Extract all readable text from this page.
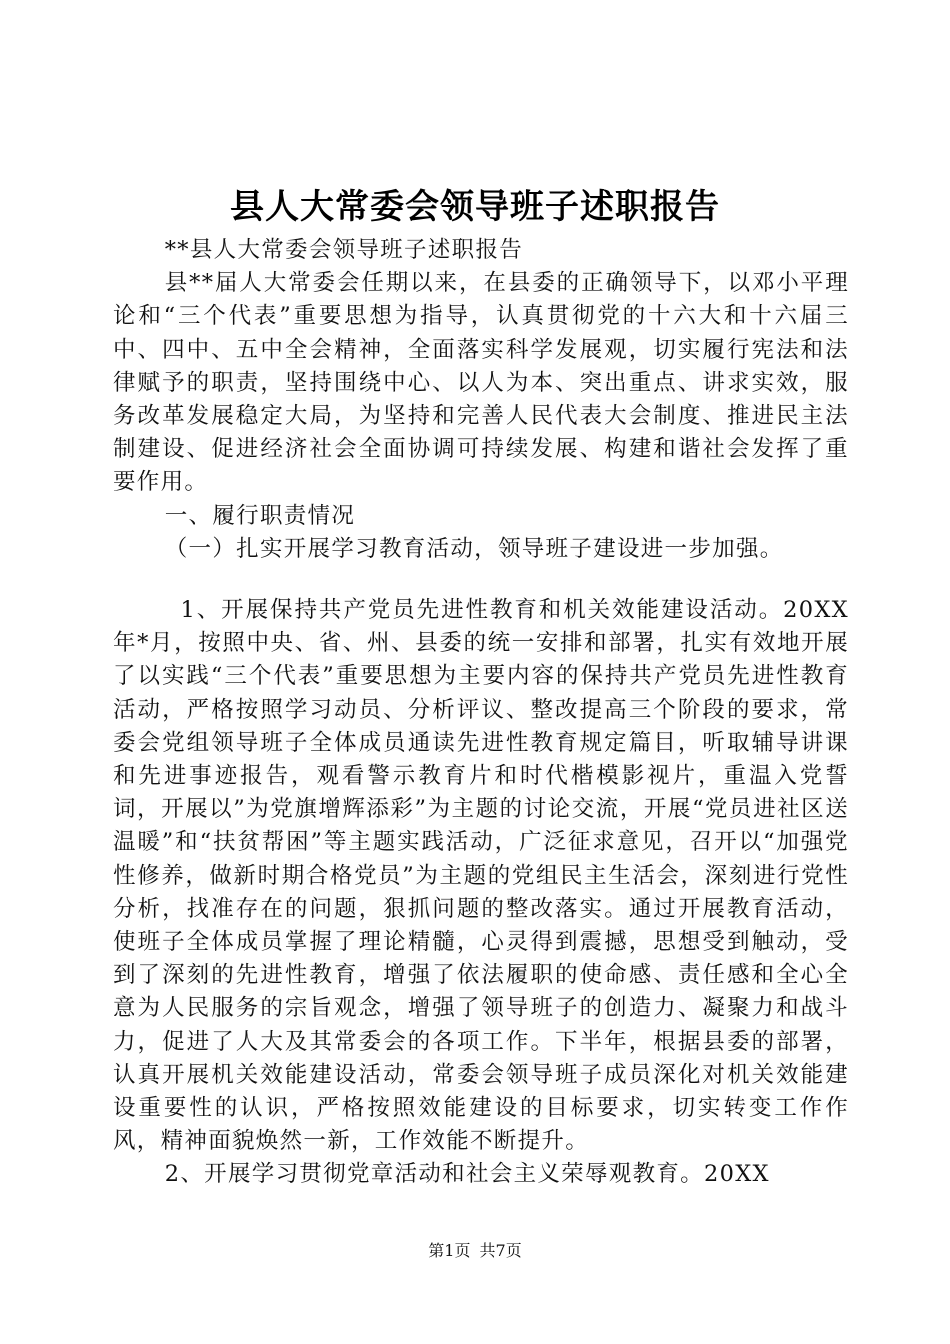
县人大常委会领导班子述职报告

**县人大常委会领导班子述职报告

县**届人大常委会任期以来，在县委的正确领导下，以邓小平理论和“三个代表”重要思想为指导，认真贯彻党的十六大和十六届三中、四中、五中全会精神，全面落实科学发展观，切实履行宪法和法律赋予的职责，坚持围绕中心、以人为本、突出重点、讲求实效，服务改革发展稳定大局，为坚持和完善人民代表大会制度、推进民主法制建设、促进经济社会全面协调可持续发展、构建和谐社会发挥了重要作用。

一、履行职责情况

（一）扎实开展学习教育活动，领导班子建设进一步加强。

1、开展保持共产党员先进性教育和机关效能建设活动。20XX年*月，按照中央、省、州、县委的统一安排和部署，扎实有效地开展了以实践“三个代表”重要思想为主要内容的保持共产党员先进性教育活动，严格按照学习动员、分析评议、整改提高三个阶段的要求，常委会党组领导班子全体成员通读先进性教育规定篇目，听取辅导讲课和先进事迹报告，观看警示教育片和时代楷模影视片，重温入党誓词，开展以”为党旗增辉添彩”为主题的讨论交流，开展“党员进社区送温暖”和“扶贫帮困”等主题实践活动，广泛征求意见，召开以“加强党性修养，做新时期合格党员”为主题的党组民主生活会，深刻进行党性分析，找准存在的问题，狠抓问题的整改落实。通过开展教育活动，使班子全体成员掌握了理论精髓，心灵得到震撼，思想受到触动，受到了深刻的先进性教育，增强了依法履职的使命感、责任感和全心全意为人民服务的宗旨观念，增强了领导班子的创造力、凝聚力和战斗力，促进了人大及其常委会的各项工作。下半年，根据县委的部署，认真开展机关效能建设活动，常委会领导班子成员深化对机关效能建设重要性的认识，严格按照效能建设的目标要求，切实转变工作作风，精神面貌焕然一新，工作效能不断提升。

2、开展学习贯彻党章活动和社会主义荣辱观教育。20XX

第1页 共7页
